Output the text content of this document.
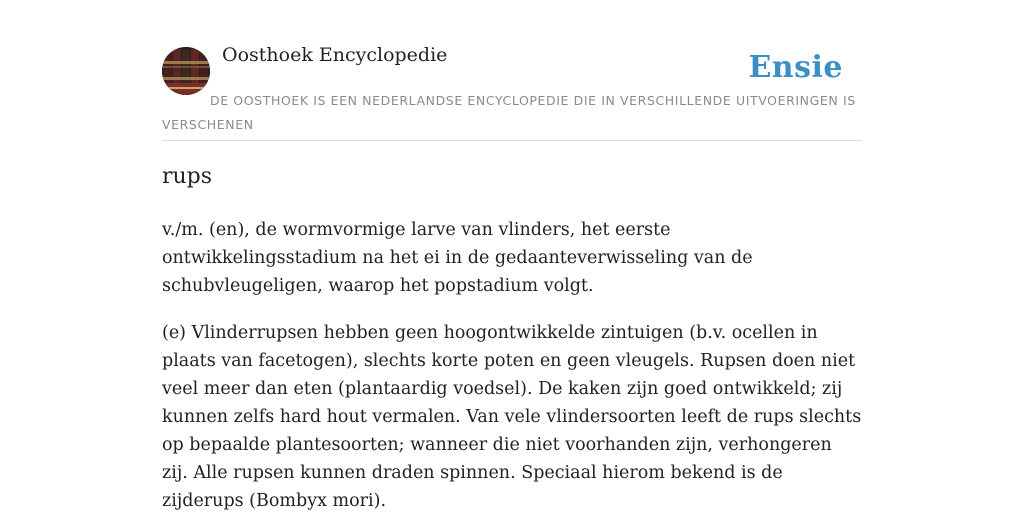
Oosthoek Encyclopedie	Ensie
DE OOSTHOEK IS EEN NEDERLANDSE ENCYCLOPEDIE DIE IN VERSCHILLENDE UITVOERINGEN IS VERSCHENEN
rups

v./m. (en), de wormvormige larve van vlinders, het eerste ontwikkelingsstadium na het ei in de gedaanteverwisseling van de schubvleugeligen, waarop het popstadium volgt.

(e) Vlinderrupsen hebben geen hoogontwikkelde zintuigen (b.v. ocellen in plaats van facetogen), slechts korte poten en geen vleugels. Rupsen doen niet veel meer dan eten (plantaardig voedsel). De kaken zijn goed ontwikkeld; zij kunnen zelfs hard hout vermalen. Van vele vlindersoorten leeft de rups slechts op bepaalde plantesoorten; wanneer die niet voorhanden zijn, verhongeren zij. Alle rupsen kunnen draden spinnen. Speciaal hierom bekend is de zijderups (Bombyx mori).
